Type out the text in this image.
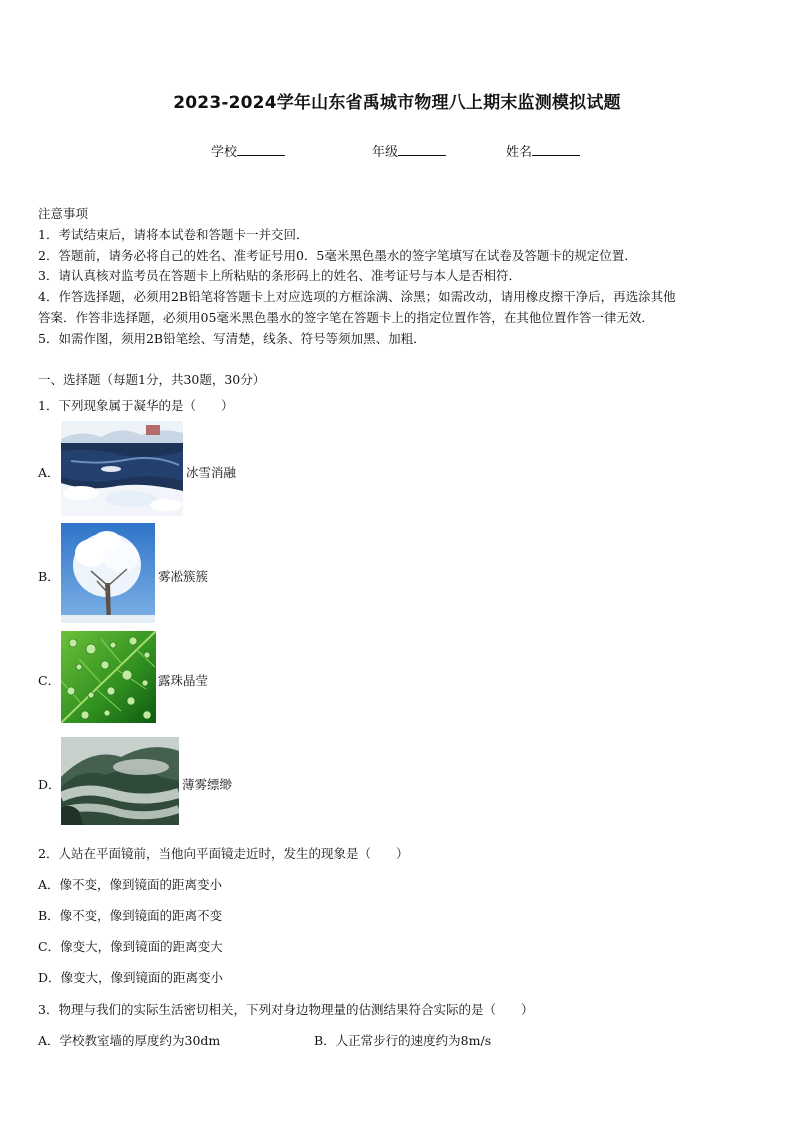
2023-2024学年山东省禹城市物理八上期末监测模拟试题
学校	年级	姓名
注意事项
1．考试结束后，请将本试卷和答题卡一并交回．
2．答题前，请务必将自己的姓名、准考证号用0．5毫米黑色墨水的签字笔填写在试卷及答题卡的规定位置．
3．请认真核对监考员在答题卡上所粘贴的条形码上的姓名、准考证号与本人是否相符．
4．作答选择题，必须用2B铅笔将答题卡上对应选项的方框涂满、涂黑；如需改动，请用橡皮擦干净后，再选涂其他
答案．作答非选择题，必须用05毫米黑色墨水的签字笔在答题卡上的指定位置作答，在其他位置作答一律无效．
5．如需作图，须用2B铅笔绘、写清楚，线条、符号等须加黑、加粗．
一、选择题（每题1分，共30题，30分）
1．下列现象属于凝华的是（　　）
A．	冰雪消融
B．	雾凇簇簇
C．	露珠晶莹
D．	薄雾缥缈
2．人站在平面镜前，当他向平面镜走近时，发生的现象是（　　）
A．像不变，像到镜面的距离变小
B．像不变，像到镜面的距离不变
C．像变大，像到镜面的距离变大
D．像变大，像到镜面的距离变小
3．物理与我们的实际生活密切相关，下列对身边物理量的估测结果符合实际的是（　　）
A．学校教室墙的厚度约为30dm	B．人正常步行的速度约为8m/s
